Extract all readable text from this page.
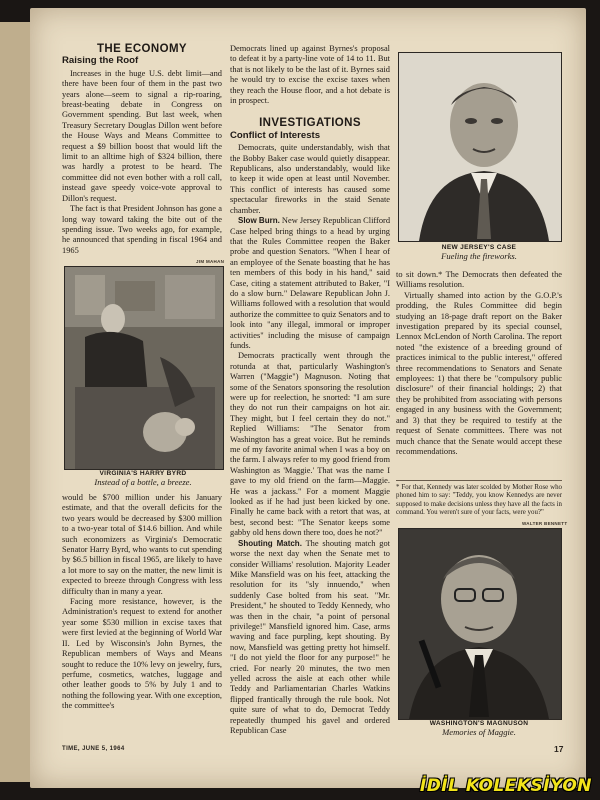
THE ECONOMY
Raising the Roof

Increases in the huge U.S. debt limit—and there have been four of them in the past two years alone—seem to signal a rip-roaring, breast-beating debate in Congress on Government spending. But last week, when Treasury Secretary Douglas Dillon went before the House Ways and Means Committee to request a $9 billion boost that would lift the limit to an alltime high of $324 billion, there was hardly a protest to be heard. The committee did not even bother with a roll call, instead gave speedy voice-vote approval to Dillon's request.

The fact is that President Johnson has gone a long way toward taking the bite out of the spending issue. Two weeks ago, for example, he announced that spending in fiscal 1964 and 1965

JIM MAHAN
VIRGINIA'S HARRY BYRD
Instead of a bottle, a breeze.

would be $700 million under his January estimate, and that the overall deficits for the two years would be decreased by $300 million to a two-year total of $14.6 billion. And while such economizers as Virginia's Democratic Senator Harry Byrd, who wants to cut spending by $6.5 billion in fiscal 1965, are likely to have a lot more to say on the matter, the new limit is expected to breeze through Congress with less difficulty than in many a year.

Facing more resistance, however, is the Administration's request to extend for another year some $530 million in excise taxes that were first levied at the beginning of World War II. Led by Wisconsin's John Byrnes, the Republican members of Ways and Means sought to reduce the 10% levy on jewelry, furs, perfume, cosmetics, watches, luggage and other leather goods to 5% by July 1 and to nothing the following year. With one exception, the committee's

Democrats lined up against Byrnes's proposal to defeat it by a party-line vote of 14 to 11. But that is not likely to be the last of it. Byrnes said he would try to excise the excise taxes when they reach the House floor, and a hot debate is in prospect.

INVESTIGATIONS
Conflict of Interests

Democrats, quite understandably, wish that the Bobby Baker case would quietly disappear. Republicans, also understandably, would like to keep it wide open at least until November. This conflict of interests has caused some spectacular fireworks in the staid Senate chamber.

Slow Burn. New Jersey Republican Clifford Case helped bring things to a head by urging that the Rules Committee reopen the Baker probe and question Senators. "When I hear of an employee of the Senate boasting that he has ten members of this body in his hand," said Case, citing a statement attributed to Baker, "I do a slow burn." Delaware Republican John J. Williams followed with a resolution that would authorize the committee to quiz Senators and to look into "any illegal, immoral or improper activities" including the misuse of campaign funds.

Democrats practically went through the rotunda at that, particularly Washington's Warren ("Maggie") Magnuson. Noting that some of the Senators sponsoring the resolution were up for reelection, he snorted: "I am sure they do not run their campaigns on hot air. They might, but I feel certain they do not." Replied Williams: "The Senator from Washington has a great voice. But he reminds me of my favorite animal when I was a boy on the farm. I always refer to my good friend from Washington as 'Maggie.' That was the name I gave to my old friend on the farm—Maggie. He was a jackass." For a moment Maggie looked as if he had just been kicked by one. Finally he came back with a retort that was, at best, second best: "The Senator keeps some gabby old hens down there too, does he not?"

Shouting Match. The shouting match got worse the next day when the Senate met to consider Williams' resolution. Majority Leader Mike Mansfield was on his feet, attacking the resolution for its "sly innuendo," when suddenly Case bolted from his seat. "Mr. President," he shouted to Teddy Kennedy, who was then in the chair, "a point of personal privilege!" Mansfield ignored him. Case, arms waving and face purpling, kept shouting. By now, Mansfield was getting pretty hot himself. "I do not yield the floor for any purpose!" he cried. For nearly 20 minutes, the two men yelled across the aisle at each other while Teddy and Parliamentarian Charles Watkins flipped frantically through the rule book. Not quite sure of what to do, Democrat Teddy repeatedly thumped his gavel and ordered Republican Case

NEW JERSEY'S CASE
Fueling the fireworks.

to sit down.* The Democrats then defeated the Williams resolution.

Virtually shamed into action by the G.O.P.'s prodding, the Rules Committee did begin studying an 18-page draft report on the Baker investigation prepared by its special counsel, Lennox McLendon of North Carolina. The report noted "the existence of a breeding ground of practices inimical to the public interest," offered three recommendations to Senators and Senate employees: 1) that there be "compulsory public disclosure" of their financial holdings; 2) that they be prohibited from associating with persons engaged in any business with the Government; and 3) that they be required to testify at the request of Senate committees. There was not much chance that the Senate would accept these recommendations.

* For that, Kennedy was later scolded by Mother Rose who phoned him to say: "Teddy, you know Kennedys are never supposed to make decisions unless they have all the facts in command. You weren't sure of your facts, were you?"
WALTER BENNETT
WASHINGTON'S MAGNUSON
Memories of Maggie.
TIME, JUNE 5, 1964	17
İDİL KOLEKSİYON
